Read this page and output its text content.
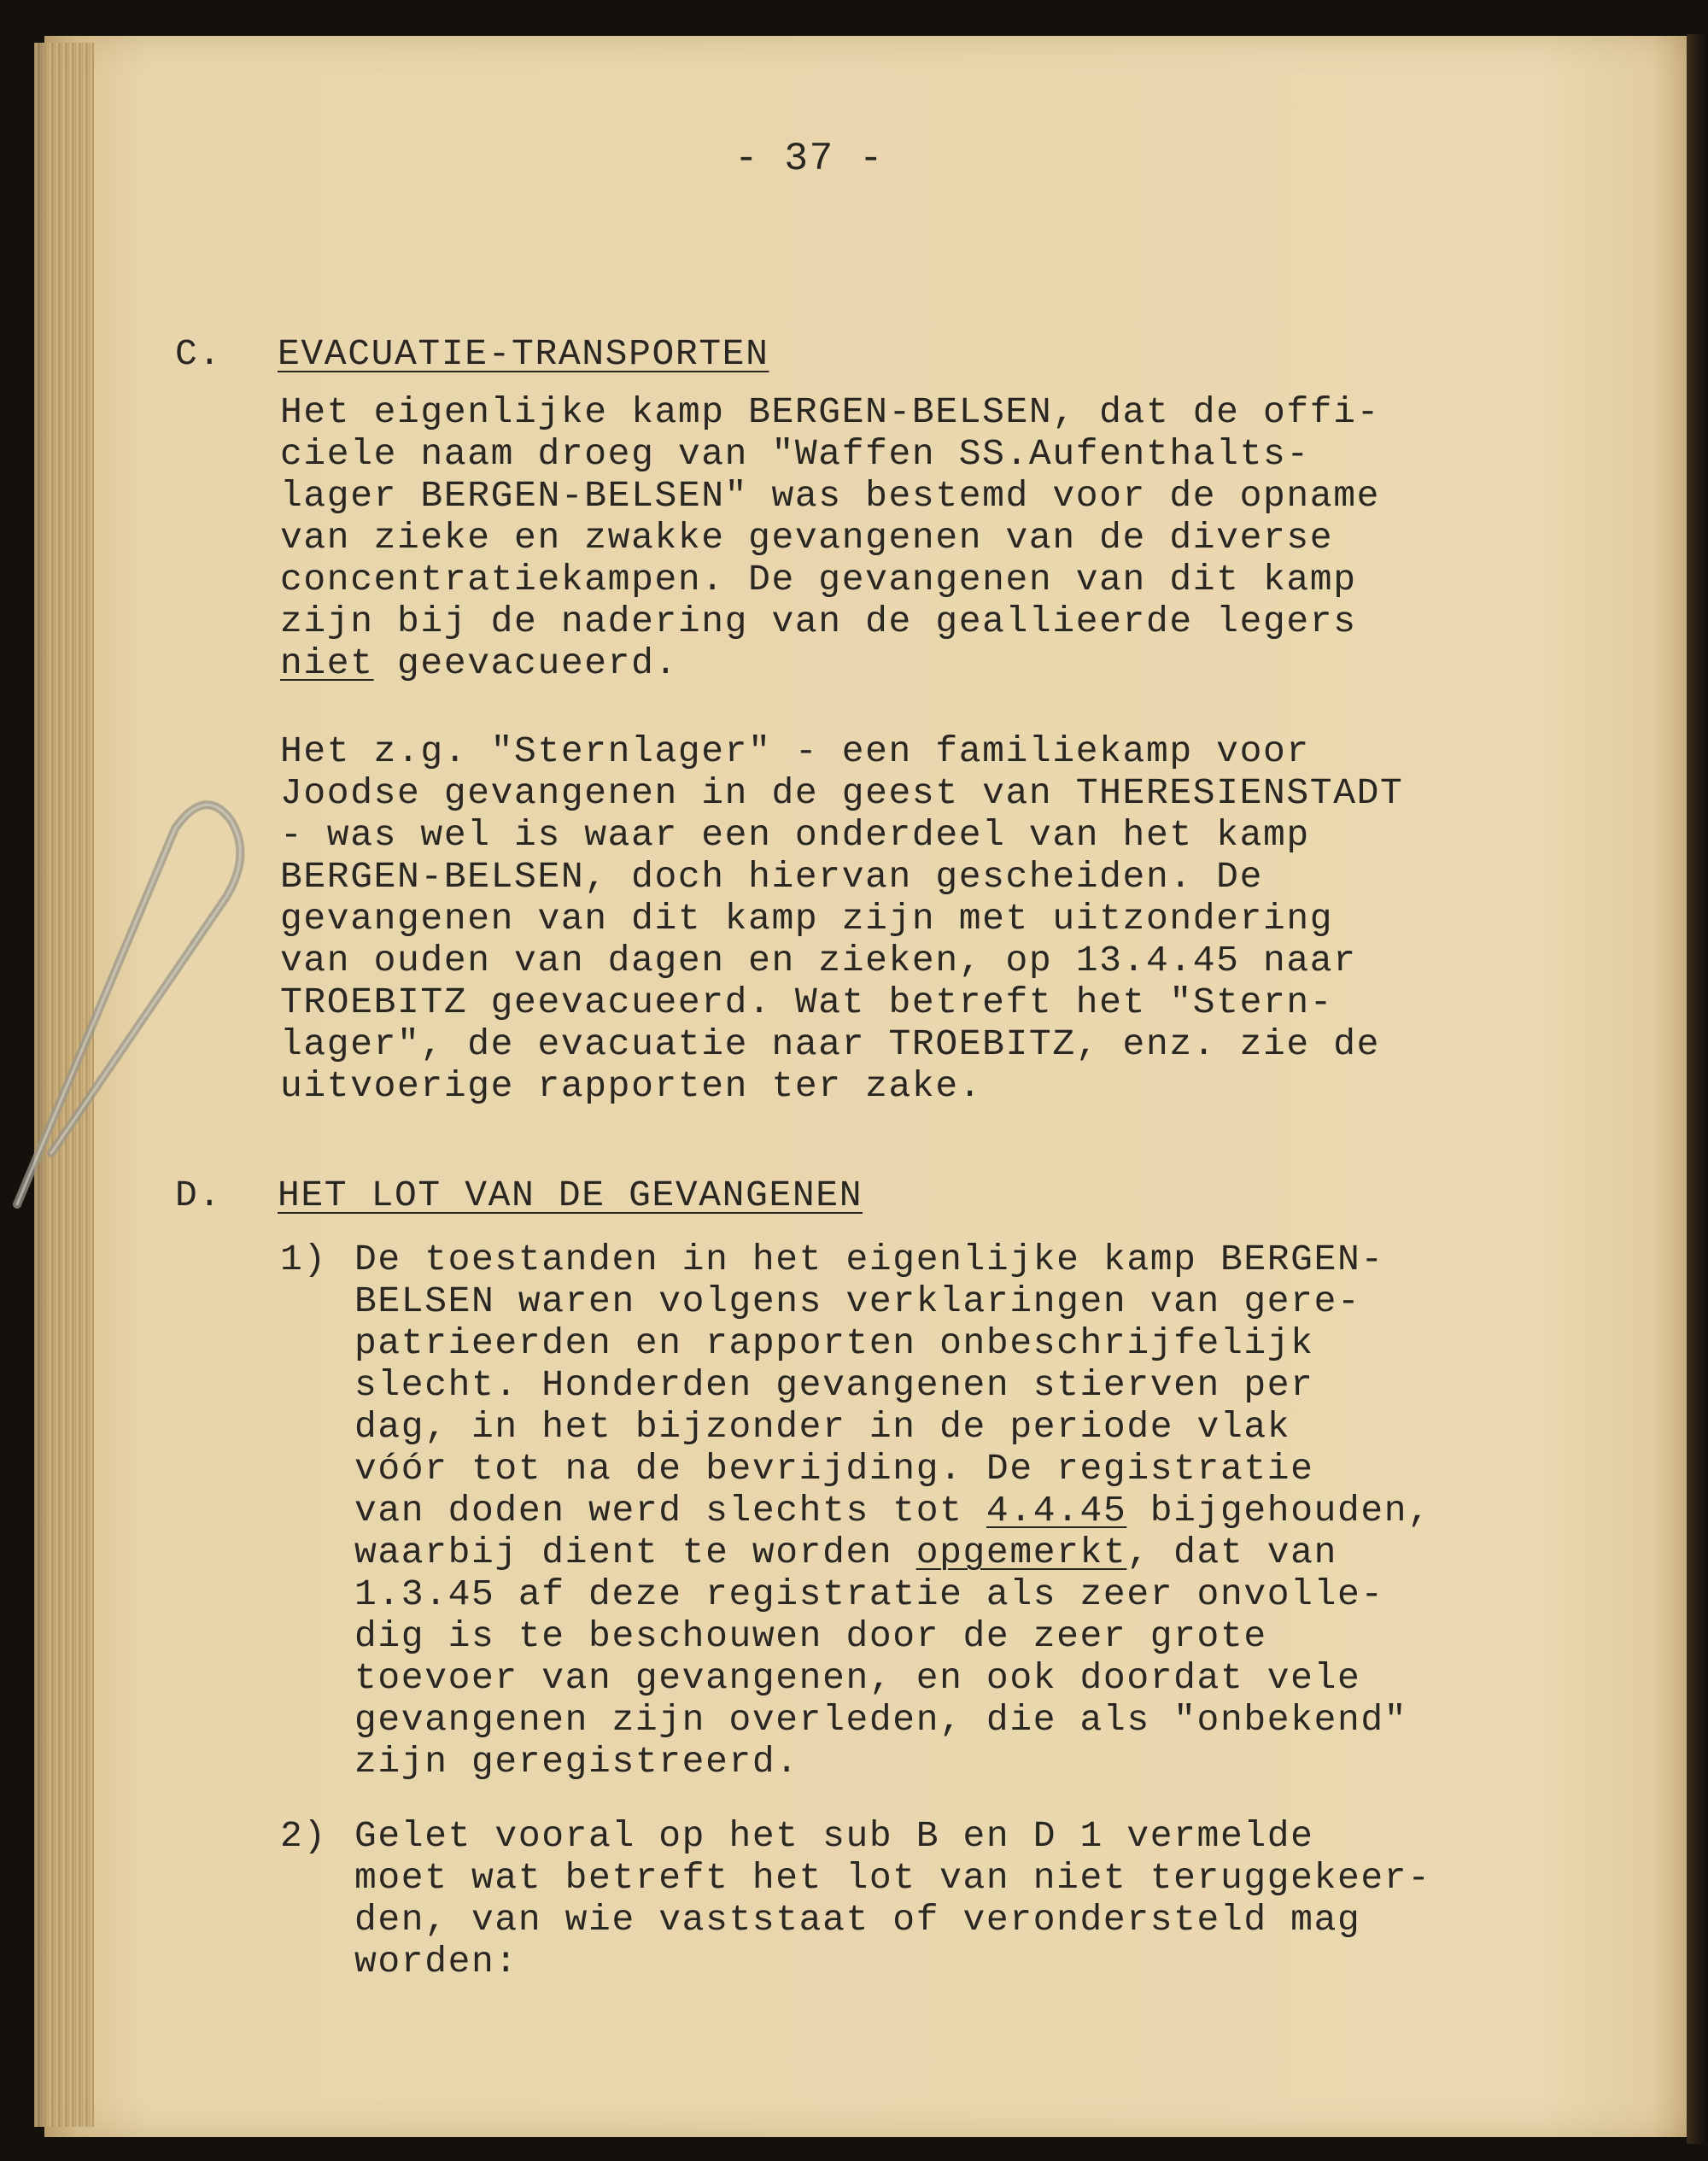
- 37 -
C. EVACUATIE-TRANSPORTEN
Het eigenlijke kamp BERGEN-BELSEN, dat de offi-
ciele naam droeg van "Waffen SS.Aufenthalts-
lager BERGEN-BELSEN" was bestemd voor de opname
van zieke en zwakke gevangenen van de diverse
concentratiekampen. De gevangenen van dit kamp
zijn bij de nadering van de geallieerde legers
niet geevacueerd.
Het z.g. "Sternlager" - een familiekamp voor
Joodse gevangenen in de geest van THERESIENSTADT
- was wel is waar een onderdeel van het kamp
BERGEN-BELSEN, doch hiervan gescheiden. De
gevangenen van dit kamp zijn met uitzondering
van ouden van dagen en zieken, op 13.4.45 naar
TROEBITZ geevacueerd. Wat betreft het "Stern-
lager", de evacuatie naar TROEBITZ, enz. zie de
uitvoerige rapporten ter zake.
D. HET LOT VAN DE GEVANGENEN
1) De toestanden in het eigenlijke kamp BERGEN-
BELSEN waren volgens verklaringen van gere-
patrieerden en rapporten onbeschrijfelijk
slecht. Honderden gevangenen stierven per
dag, in het bijzonder in de periode vlak
vóór tot na de bevrijding. De registratie
van doden werd slechts tot 4.4.45 bijgehouden,
waarbij dient te worden opgemerkt, dat van
1.3.45 af deze registratie als zeer onvolle-
dig is te beschouwen door de zeer grote
toevoer van gevangenen, en ook doordat vele
gevangenen zijn overleden, die als "onbekend"
zijn geregistreerd.
2) Gelet vooral op het sub B en D 1 vermelde
moet wat betreft het lot van niet teruggekeer-
den, van wie vaststaat of verondersteld mag
worden:
